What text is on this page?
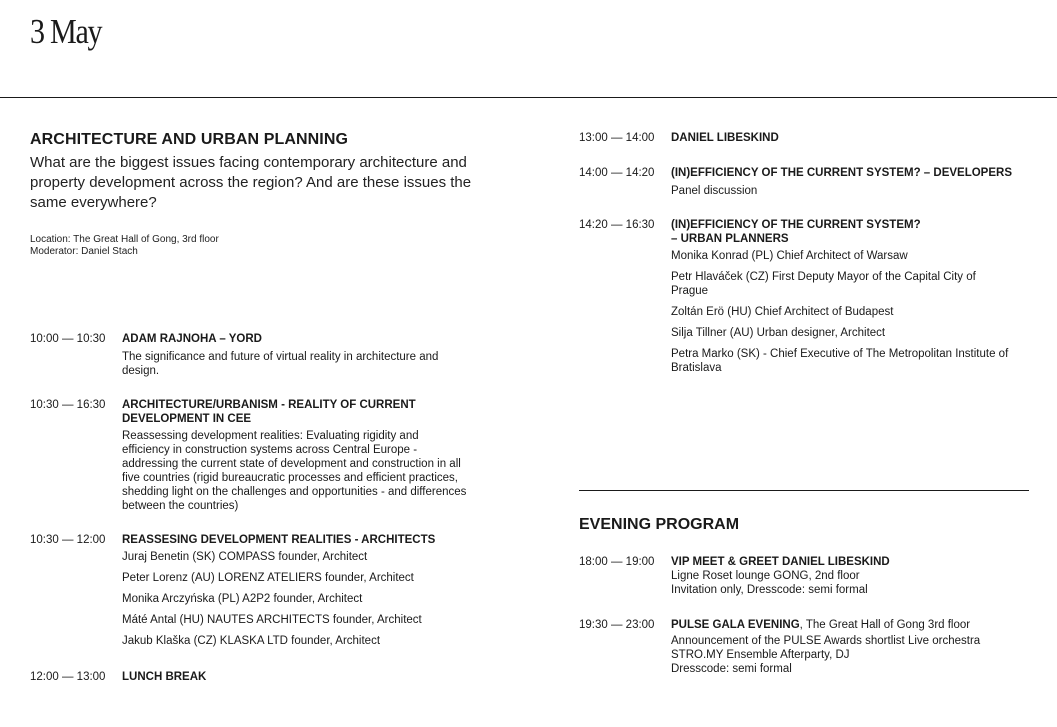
3 May
ARCHITECTURE AND URBAN PLANNING

What are the biggest issues facing contemporary architecture and property development across the region? And are these issues the same everywhere?

Location: The Great Hall of Gong, 3rd floor
Moderator: Daniel Stach
10:00 — 10:30	ADAM RAJNOHA – YORD
The significance and future of virtual reality in architecture and design.
10:30 — 16:30	ARCHITECTURE/URBANISM - REALITY OF CURRENT DEVELOPMENT IN CEE
Reassessing development realities: Evaluating rigidity and efficiency in construction systems across Central Europe - addressing the current state of development and construction in all five countries (rigid bureaucratic processes and efficient practices, shedding light on the challenges and opportunities - and differences between the countries)
10:30 — 12:00	REASSESING DEVELOPMENT REALITIES - ARCHITECTS
Juraj Benetin (SK) COMPASS founder, Architect
Peter Lorenz (AU) LORENZ ATELIERS founder, Architect
Monika Arczyńska (PL) A2P2 founder, Architect
Máté Antal (HU) NAUTES ARCHITECTS founder, Architect
Jakub Klaška (CZ) KLASKA LTD founder, Architect
12:00 — 13:00	LUNCH BREAK
13:00 — 14:00	DANIEL LIBESKIND
14:00 — 14:20	(IN)EFFICIENCY OF THE CURRENT SYSTEM? – DEVELOPERS
Panel discussion
14:20 — 16:30	(IN)EFFICIENCY OF THE CURRENT SYSTEM?
– URBAN PLANNERS
Monika Konrad (PL) Chief Architect of Warsaw
Petr Hlaváček (CZ) First Deputy Mayor of the Capital City of Prague
Zoltán Erö (HU) Chief Architect of Budapest
Silja Tillner (AU) Urban designer, Architect
Petra Marko (SK) - Chief Executive of The Metropolitan Institute of Bratislava
EVENING PROGRAM
18:00 — 19:00	VIP MEET & GREET DANIEL LIBESKIND
Ligne Roset lounge GONG, 2nd floor
Invitation only, Dresscode: semi formal
19:30 — 23:00	PULSE GALA EVENING, The Great Hall of Gong 3rd floor
Announcement of the PULSE Awards shortlist Live orchestra STRO.MY Ensemble Afterparty, DJ
Dresscode: semi formal
